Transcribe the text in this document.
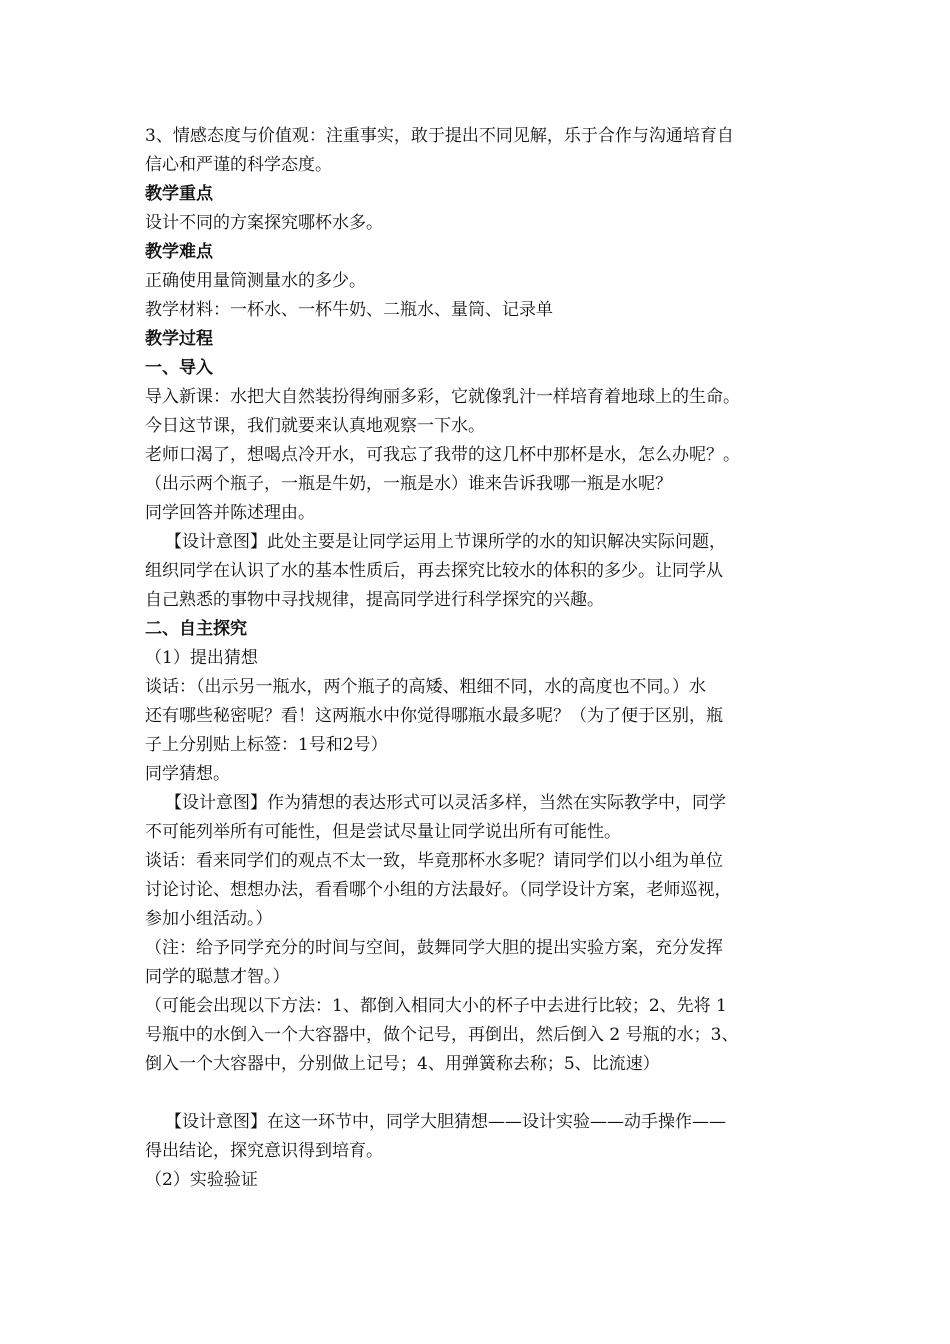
3、情感态度与价值观：注重事实，敢于提出不同见解，乐于合作与沟通培育自
信心和严谨的科学态度。
教学重点
设计不同的方案探究哪杯水多。
教学难点
正确使用量筒测量水的多少。
教学材料：一杯水、一杯牛奶、二瓶水、量筒、记录单
教学过程
一、导入
导入新课：水把大自然装扮得绚丽多彩，它就像乳汁一样培育着地球上的生命。
今日这节课，我们就要来认真地观察一下水。
老师口渴了，想喝点冷开水，可我忘了我带的这几杯中那杯是水，怎么办呢？。
（出示两个瓶子，一瓶是牛奶，一瓶是水）谁来告诉我哪一瓶是水呢？
同学回答并陈述理由。
【设计意图】此处主要是让同学运用上节课所学的水的知识解决实际问题，
组织同学在认识了水的基本性质后，再去探究比较水的体积的多少。让同学从
自己熟悉的事物中寻找规律，提高同学进行科学探究的兴趣。
二、自主探究
（1）提出猜想
谈话：（出示另一瓶水，两个瓶子的高矮、粗细不同，水的高度也不同。）水
还有哪些秘密呢？看！这两瓶水中你觉得哪瓶水最多呢？（为了便于区别，瓶
子上分别贴上标签：1号和2号）
同学猜想。
【设计意图】作为猜想的表达形式可以灵活多样，当然在实际教学中，同学
不可能列举所有可能性，但是尝试尽量让同学说出所有可能性。
谈话：看来同学们的观点不太一致，毕竟那杯水多呢？请同学们以小组为单位
讨论讨论、想想办法，看看哪个小组的方法最好。（同学设计方案，老师巡视，
参加小组活动。）
（注：给予同学充分的时间与空间，鼓舞同学大胆的提出实验方案，充分发挥
同学的聪慧才智。）
（可能会出现以下方法：1、都倒入相同大小的杯子中去进行比较；2、先将 1
号瓶中的水倒入一个大容器中，做个记号，再倒出，然后倒入 2 号瓶的水；3、
倒入一个大容器中，分别做上记号；4、用弹簧称去称；5、比流速）
【设计意图】在这一环节中，同学大胆猜想——设计实验——动手操作——
得出结论，探究意识得到培育。
（2）实验验证
